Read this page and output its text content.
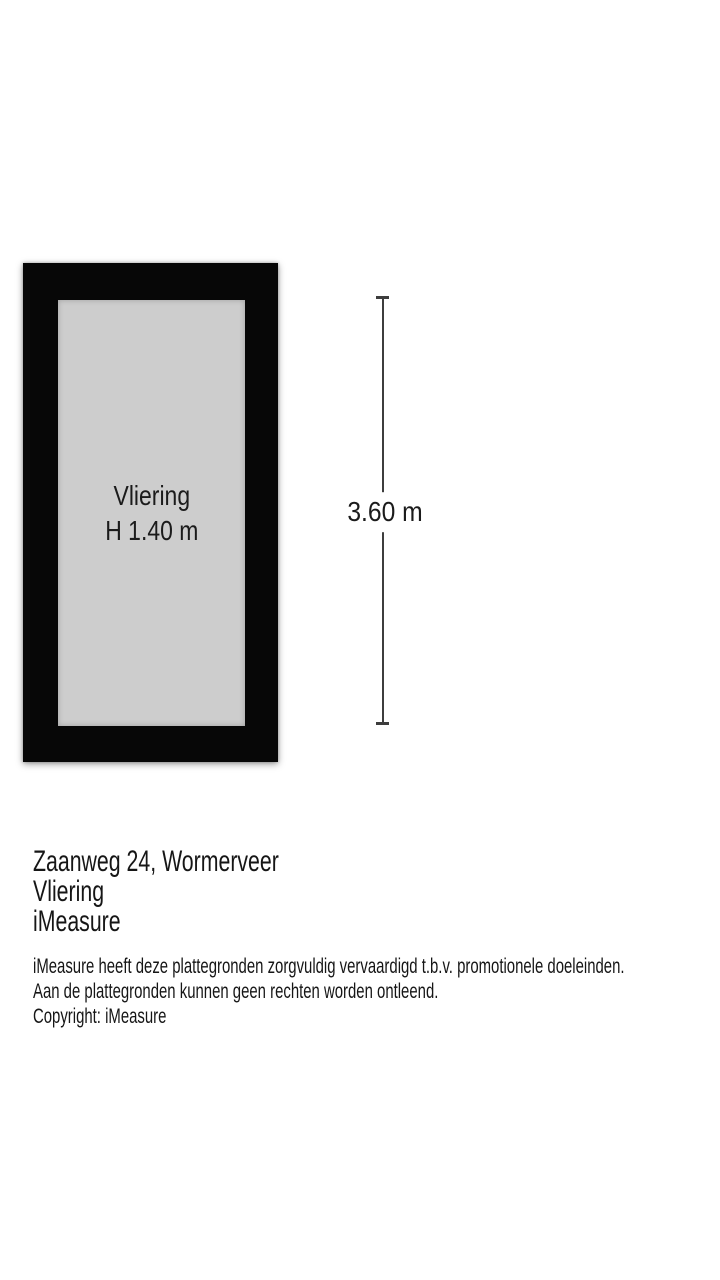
Vliering
H 1.40 m
3.60 m
Zaanweg 24, Wormerveer
Vliering
iMeasure
iMeasure heeft deze plattegronden zorgvuldig vervaardigd t.b.v. promotionele doeleinden.
Aan de plattegronden kunnen geen rechten worden ontleend.
Copyright: iMeasure
